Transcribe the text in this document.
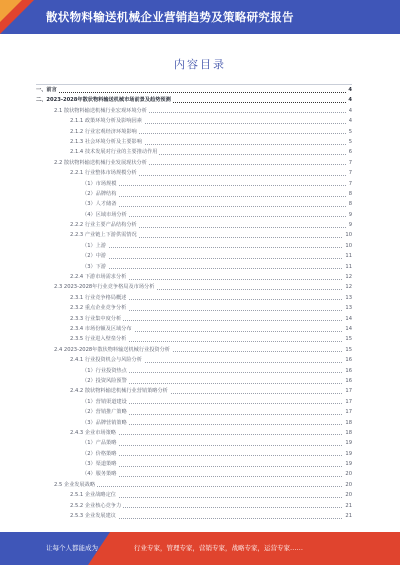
散状物料输送机械企业营销趋势及策略研究报告
内容目录
一、前言	4
二、2023-2028年散状物料输送机械市场前景及趋势预测	4
2.1 散状物料输送机械行业宏观环境分析	4
2.1.1 政策环境分析及影响因素	4
2.1.2 行业宏观经济环境影响	5
2.1.3 社会环境分析及主要影响	5
2.1.4 技术发展对行业的主要推动作用	6
2.2 散状物料输送机械行业发展现状分析	7
2.2.1 行业整体市场规模分析	7
（1）市场规模	7
（2）品牌结构	8
（3）人才储备	8
（4）区域市场分析	9
2.2.2 行业主要产品结构分析	9
2.2.3 产业链上下游供需情况	10
（1）上游	10
（2）中游	11
（3）下游	11
2.2.4 下游市场需求分析	12
2.3 2023-2028年行业竞争格局及市场分析	12
2.3.1 行业竞争格局概述	13
2.3.2 重点企业竞争分析	13
2.3.3 行业集中度分析	14
2.3.4 市场份额及区域分布	14
2.3.5 行业进入壁垒分析	15
2.4 2023-2028年散状物料输送机械行业投资分析	15
2.4.1 行业投资机会与风险分析	16
（1）行业投资热点	16
（2）投资风险预警	16
2.4.2 散状物料输送机械行业营销策略分析	17
（1）营销渠道建设	17
（2）营销推广策略	17
（3）品牌营销策略	18
2.4.3 企业市场策略	18
（1）产品策略	19
（2）价格策略	19
（3）渠道策略	19
（4）服务策略	20
2.5 企业发展战略	20
2.5.1 企业战略定位	20
2.5.2 企业核心竞争力	21
2.5.3 企业发展建议	21
让每个人都能成为	行业专家，管理专家，营销专家，战略专家，运营专家……
